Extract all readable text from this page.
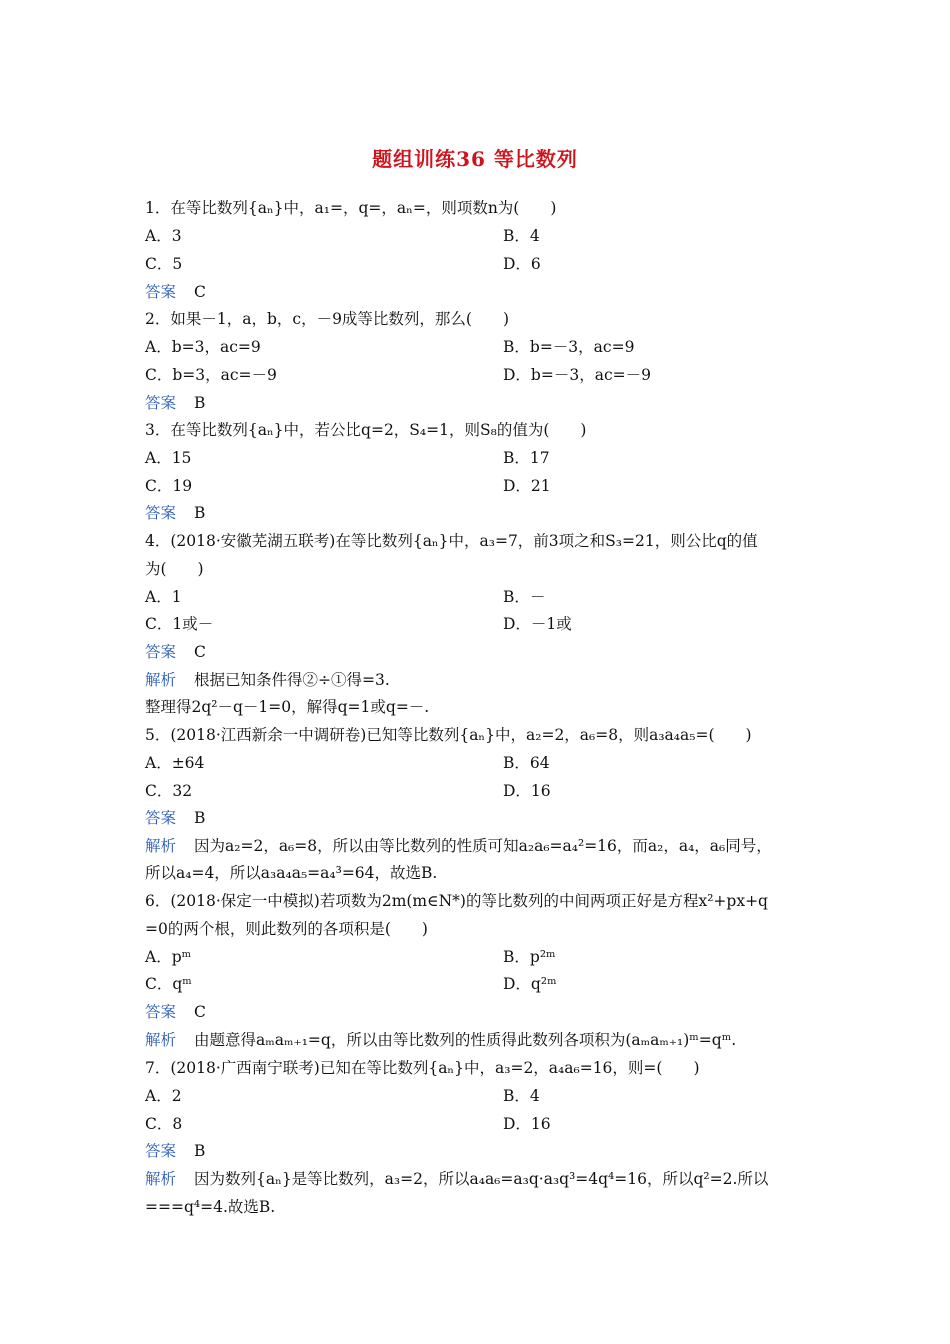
题组训练36 等比数列
1．在等比数列{aₙ}中，a₁=，q=，aₙ=，则项数n为(　　)
A．3	B．4
C．5	D．6
答案 C
2．如果－1，a，b，c，－9成等比数列，那么(　　)
A．b=3，ac=9	B．b=－3，ac=9
C．b=3，ac=－9	D．b=－3，ac=－9
答案 B
3．在等比数列{aₙ}中，若公比q=2，S₄=1，则S₈的值为(　　)
A．15	B．17
C．19	D．21
答案 B
4．(2018·安徽芜湖五联考)在等比数列{aₙ}中，a₃=7，前3项之和S₃=21，则公比q的值
为(　　)
A．1	B．－
C．1或－	D．－1或
答案 C
解析 根据已知条件得②÷①得=3.
整理得2q²－q－1=0，解得q=1或q=－.
5．(2018·江西新余一中调研卷)已知等比数列{aₙ}中，a₂=2，a₆=8，则a₃a₄a₅=(　　)
A．±64	B．64
C．32	D．16
答案 B
解析 因为a₂=2，a₆=8，所以由等比数列的性质可知a₂a₆=a₄²=16，而a₂，a₄，a₆同号，
所以a₄=4，所以a₃a₄a₅=a₄³=64，故选B.
6．(2018·保定一中模拟)若项数为2m(m∈N*)的等比数列的中间两项正好是方程x²+px+q
=0的两个根，则此数列的各项积是(　　)
A．pᵐ	B．p²ᵐ
C．qᵐ	D．q²ᵐ
答案 C
解析 由题意得aₘaₘ₊₁=q，所以由等比数列的性质得此数列各项积为(aₘaₘ₊₁)ᵐ=qᵐ.
7．(2018·广西南宁联考)已知在等比数列{aₙ}中，a₃=2，a₄a₆=16，则=(　　)
A．2	B．4
C．8	D．16
答案 B
解析 因为数列{aₙ}是等比数列，a₃=2，所以a₄a₆=a₃q·a₃q³=4q⁴=16，所以q²=2.所以
===q⁴=4.故选B.
